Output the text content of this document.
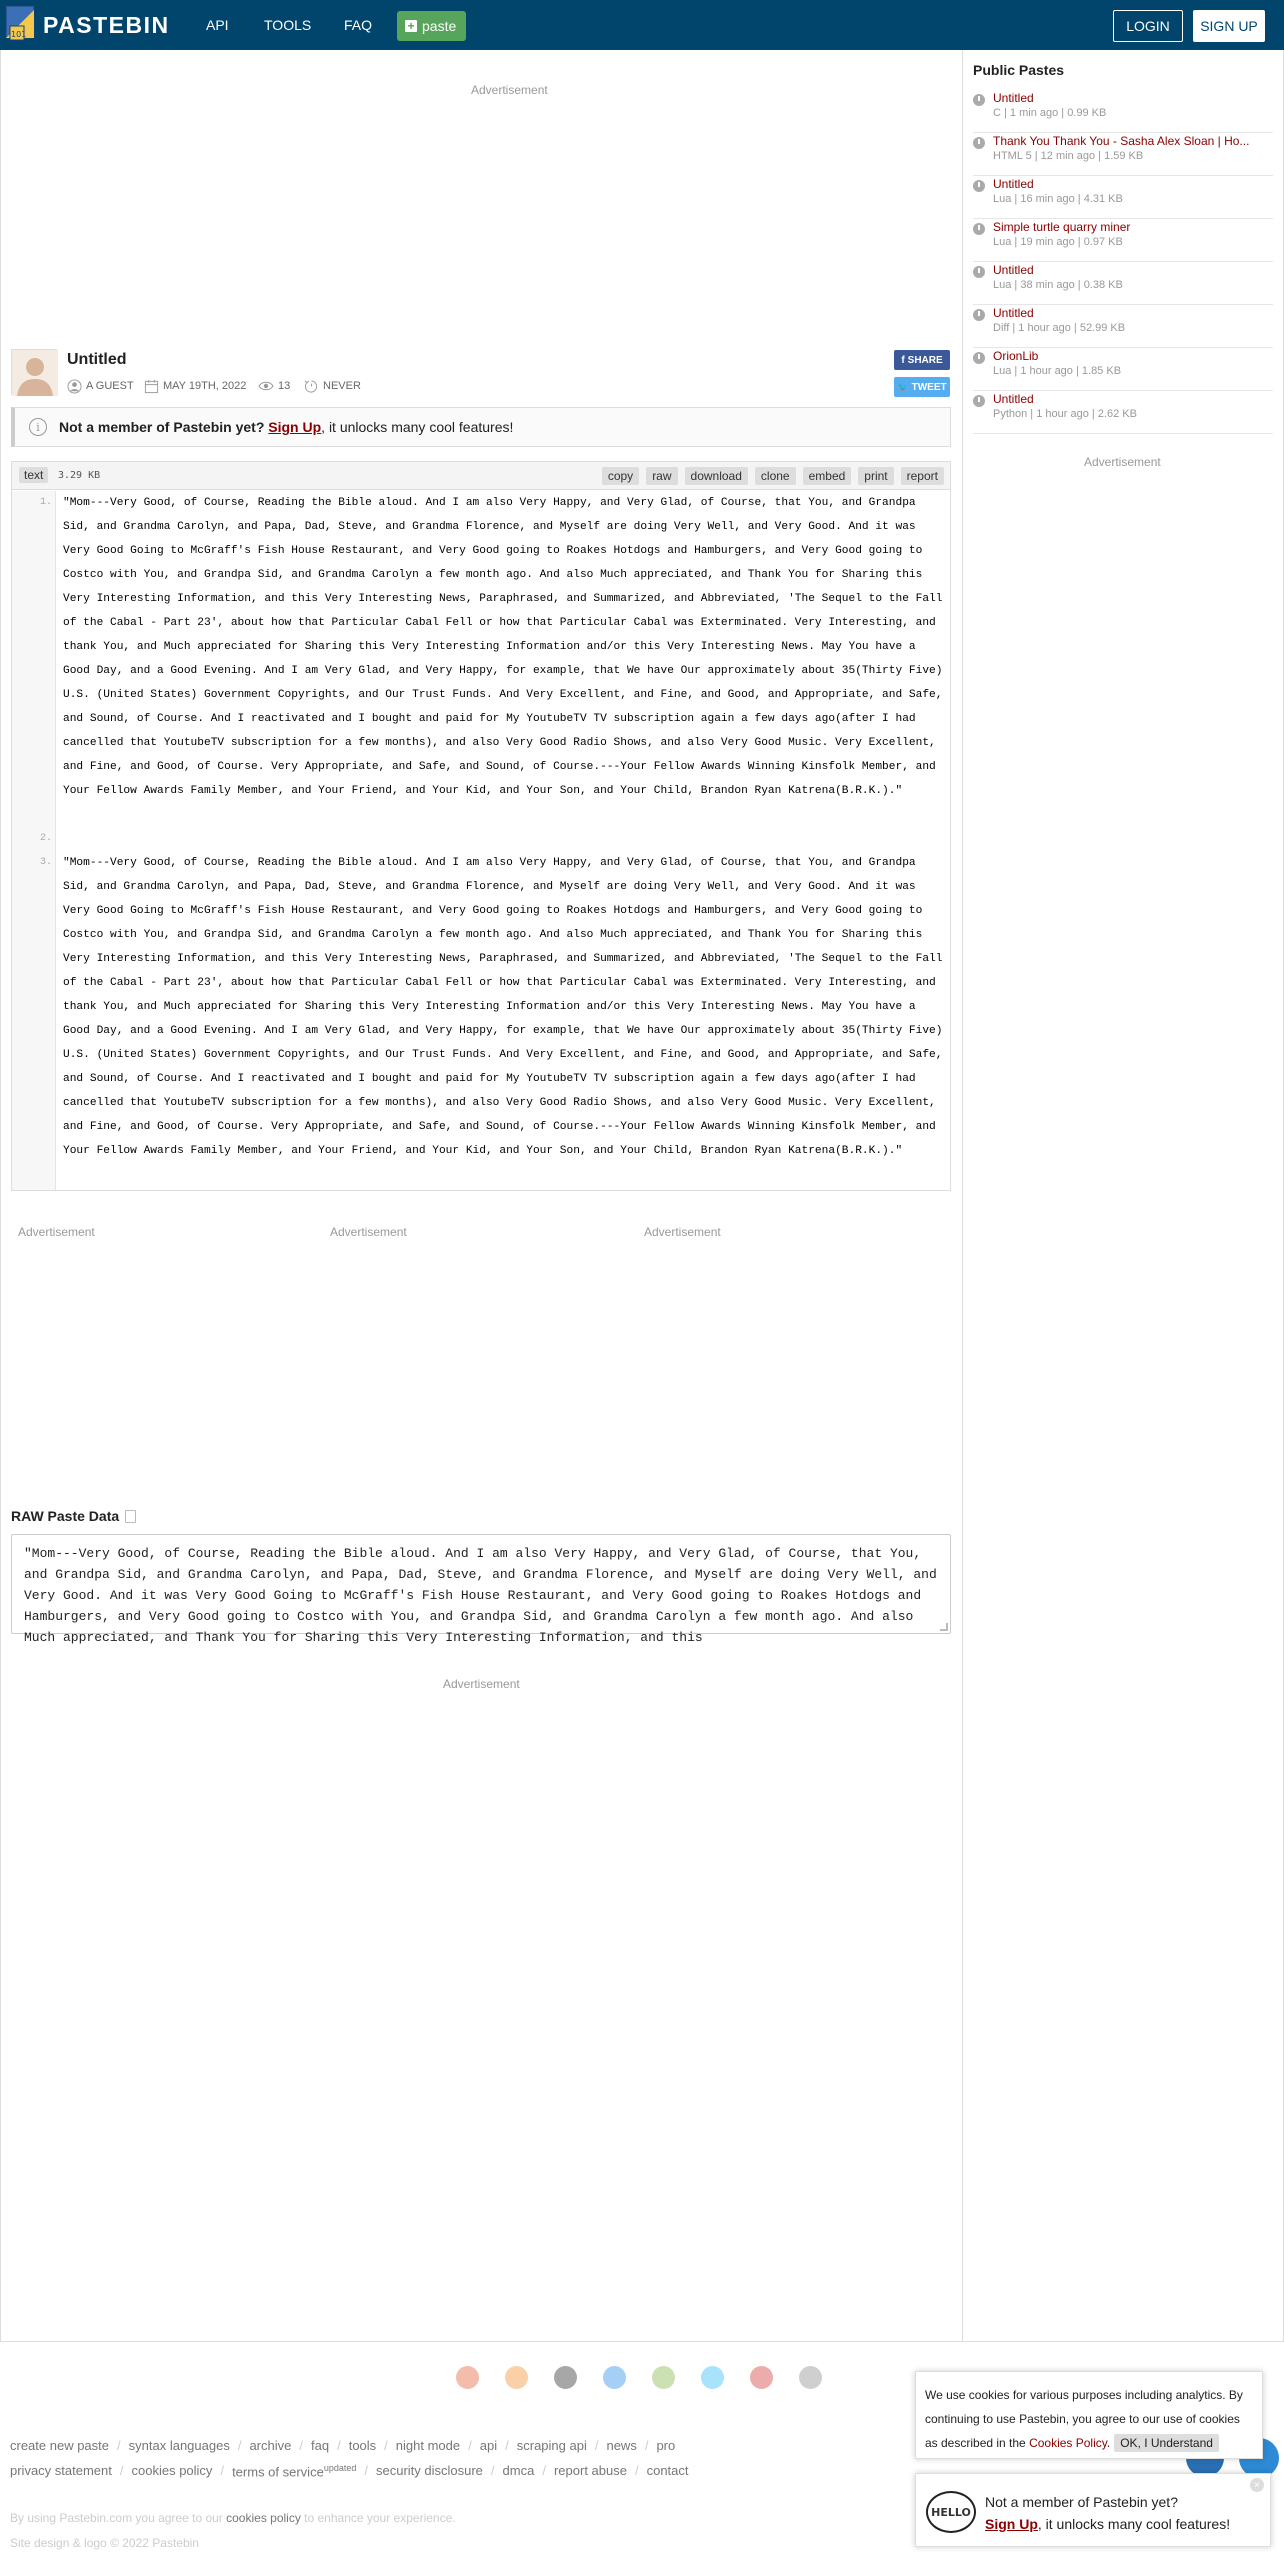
101 PASTEBIN	API	TOOLS FAQ	+ paste	LOGIN	SIGN UP
Advertisement
Untitled
A GUEST	MAY 19TH, 2022	13	NEVER
f SHARE
🐦 TWEET
i	Not a member of Pastebin yet?
Sign Up , it unlocks many cool features!
text	3.29 KB	copy	raw	download	clone	embed	print	report
1. "Mom---Very Good, of Course, Reading the Bible aloud. And I am also Very Happy, and Very Glad, of Course, that You, and Grandpa Sid, and Grandma Carolyn, and Papa, Dad, Steve, and Grandma Florence, and Myself are doing Very Well, and Very Good. And it was Very Good Going to McGraff's Fish House Restaurant, and Very Good going to Roakes Hotdogs and Hamburgers, and Very Good going to Costco with You, and Grandpa Sid, and Grandma Carolyn a few month ago. And also Much appreciated, and Thank You for Sharing this Very Interesting Information, and this Very Interesting News, Paraphrased, and Summarized, and Abbreviated, 'The Sequel to the Fall of the Cabal - Part 23', about how that Particular Cabal Fell or how that Particular Cabal was Exterminated. Very Interesting, and thank You, and Much appreciated for Sharing this Very Interesting Information and/or this Very Interesting News. May You have a Good Day, and a Good Evening. And I am Very Glad, and Very Happy, for example, that We have Our approximately about 35(Thirty Five) U.S. (United States) Government Copyrights, and Our Trust Funds. And Very Excellent, and Fine, and Good, and Appropriate, and Safe, and Sound, of Course. And I reactivated and I bought and paid for My YoutubeTV TV subscription again a few days ago(after I had cancelled that YoutubeTV subscription for a few months), and also Very Good Radio Shows, and also Very Good Music. Very Excellent, and Fine, and Good, of Course. Very Appropriate, and Safe, and Sound, of Course.---Your Fellow Awards Winning Kinsfolk Member, and Your Fellow Awards Family Member, and Your Friend, and Your Kid, and Your Son, and Your Child, Brandon Ryan Katrena(B.R.K.)."
2.
3. "Mom---Very Good, of Course, Reading the Bible aloud. And I am also Very Happy, and Very Glad, of Course, that You, and Grandpa Sid, and Grandma Carolyn, and Papa, Dad, Steve, and Grandma Florence, and Myself are doing Very Well, and Very Good. And it was Very Good Going to McGraff's Fish House Restaurant, and Very Good going to Roakes Hotdogs and Hamburgers, and Very Good going to Costco with You, and Grandpa Sid, and Grandma Carolyn a few month ago. And also Much appreciated, and Thank You for Sharing this Very Interesting Information, and this Very Interesting News, Paraphrased, and Summarized, and Abbreviated, 'The Sequel to the Fall of the Cabal - Part 23', about how that Particular Cabal Fell or how that Particular Cabal was Exterminated. Very Interesting, and thank You, and Much appreciated for Sharing this Very Interesting Information and/or this Very Interesting News. May You have a Good Day, and a Good Evening. And I am Very Glad, and Very Happy, for example, that We have Our approximately about 35(Thirty Five) U.S. (United States) Government Copyrights, and Our Trust Funds. And Very Excellent, and Fine, and Good, and Appropriate, and Safe, and Sound, of Course. And I reactivated and I bought and paid for My YoutubeTV TV subscription again a few days ago(after I had cancelled that YoutubeTV subscription for a few months), and also Very Good Radio Shows, and also Very Good Music. Very Excellent, and Fine, and Good, of Course. Very Appropriate, and Safe, and Sound, of Course.---Your Fellow Awards Winning Kinsfolk Member, and Your Fellow Awards Family Member, and Your Friend, and Your Kid, and Your Son, and Your Child, Brandon Ryan Katrena(B.R.K.)."
Advertisement	Advertisement	Advertisement
RAW Paste Data
"Mom---Very Good, of Course, Reading the Bible aloud. And I am also Very Happy, and Very Glad, of Course, that You, and Grandpa Sid, and Grandma Carolyn, and Papa, Dad, Steve, and Grandma Florence, and Myself are doing Very Well, and Very Good. And it was Very Good Going to McGraff's Fish House Restaurant, and Very Good going to Roakes Hotdogs and Hamburgers, and Very Good going to Costco with You, and Grandpa Sid, and Grandma Carolyn a few month ago. And also Much appreciated, and Thank You for Sharing this Very Interesting Information, and this
Advertisement
Public Pastes
Untitled
C | 1 min ago | 0.99 KB
Thank You Thank You - Sasha Alex Sloan | Ho...
HTML 5 | 12 min ago | 1.59 KB
Untitled
Lua | 16 min ago | 4.31 KB
Simple turtle quarry miner
Lua | 19 min ago | 0.97 KB
Untitled
Lua | 38 min ago | 0.38 KB
Untitled
Diff | 1 hour ago | 52.99 KB
OrionLib
Lua | 1 hour ago | 1.85 KB
Untitled
Python | 1 hour ago | 2.62 KB
Advertisement
create new paste / syntax languages / archive / faq / tools / night mode / api / scraping api / news / pro
privacy statement / cookies policy / terms of service$^{updated}$ / security disclosure / dmca / report abuse / contact
By using Pastebin.com you agree to our cookies policy to enhance your experience.
Site design & logo © 2022 Pastebin
We use cookies for various purposes including analytics. By continuing to use Pastebin, you agree to our use of cookies as described in the Cookies Policy. OK, I Understand
HELLO
Not a member of Pastebin yet?
Sign Up, it unlocks many cool features!
×
